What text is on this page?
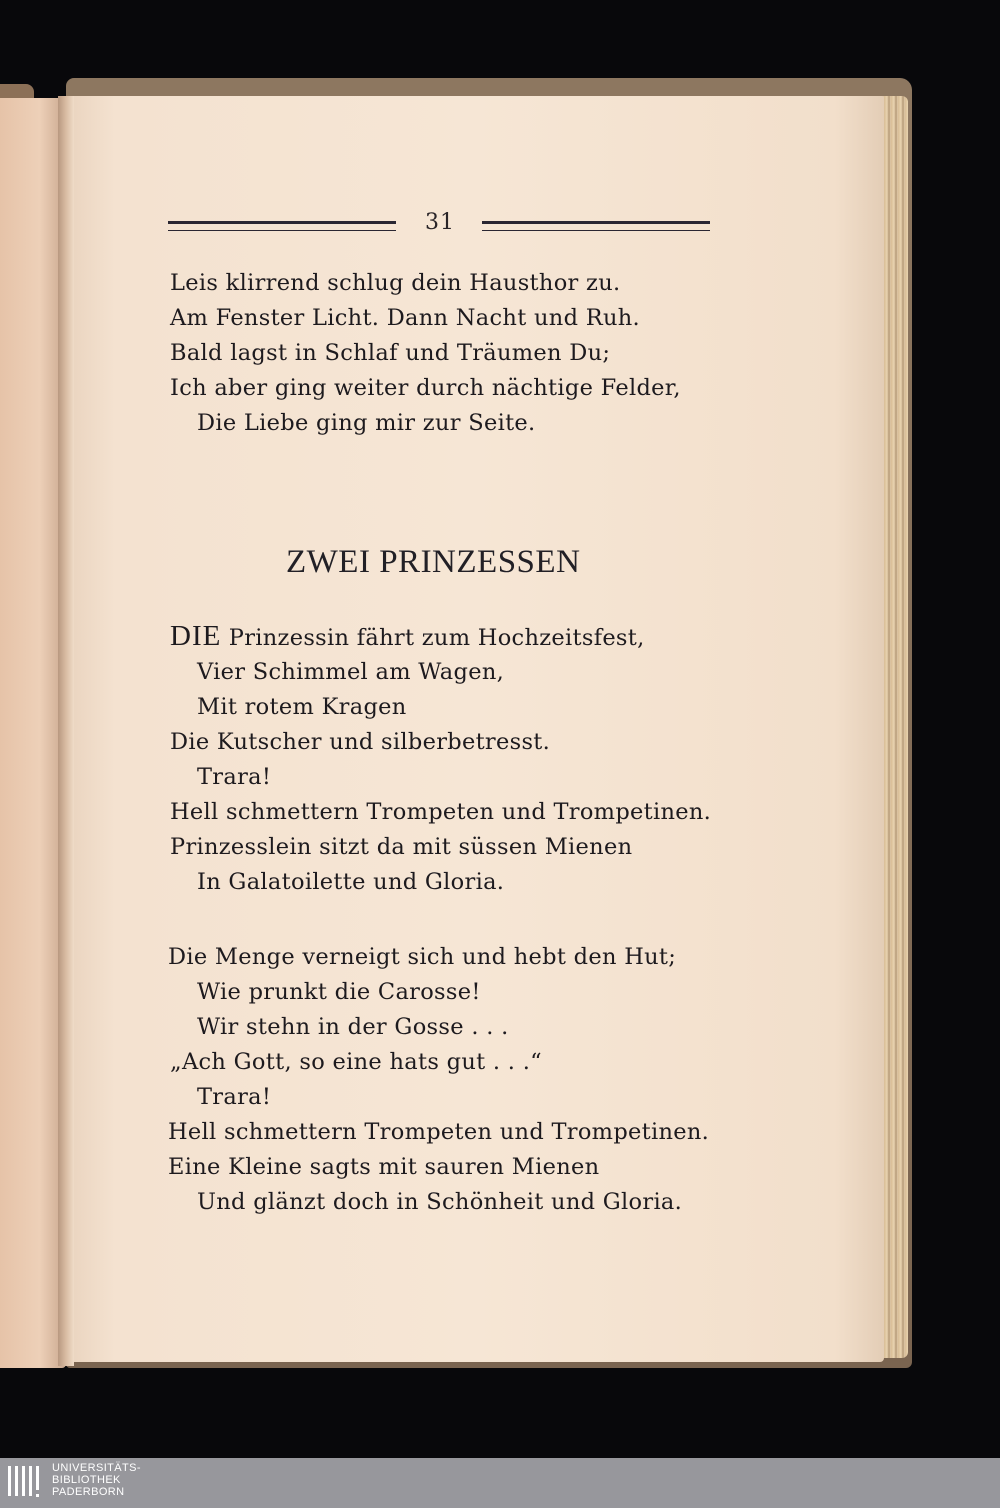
31
Leis klirrend schlug dein Hausthor zu.
Am Fenster Licht. Dann Nacht und Ruh.
Bald lagst in Schlaf und Träumen Du;
Ich aber ging weiter durch nächtige Felder,
Die Liebe ging mir zur Seite.
ZWEI PRINZESSEN
DIE Prinzessin fährt zum Hochzeitsfest,
Vier Schimmel am Wagen,
Mit rotem Kragen
Die Kutscher und silberbetresst.
Trara!
Hell schmettern Trompeten und Trompetinen.
Prinzesslein sitzt da mit süssen Mienen
In Galatoilette und Gloria.
Die Menge verneigt sich und hebt den Hut;
Wie prunkt die Carosse!
Wir stehn in der Gosse . . .
„Ach Gott, so eine hats gut . . .“
Trara!
Hell schmettern Trompeten und Trompetinen.
Eine Kleine sagts mit sauren Mienen
Und glänzt doch in Schönheit und Gloria.
UNIVERSITÄTS-
BIBLIOTHEK
PADERBORN
